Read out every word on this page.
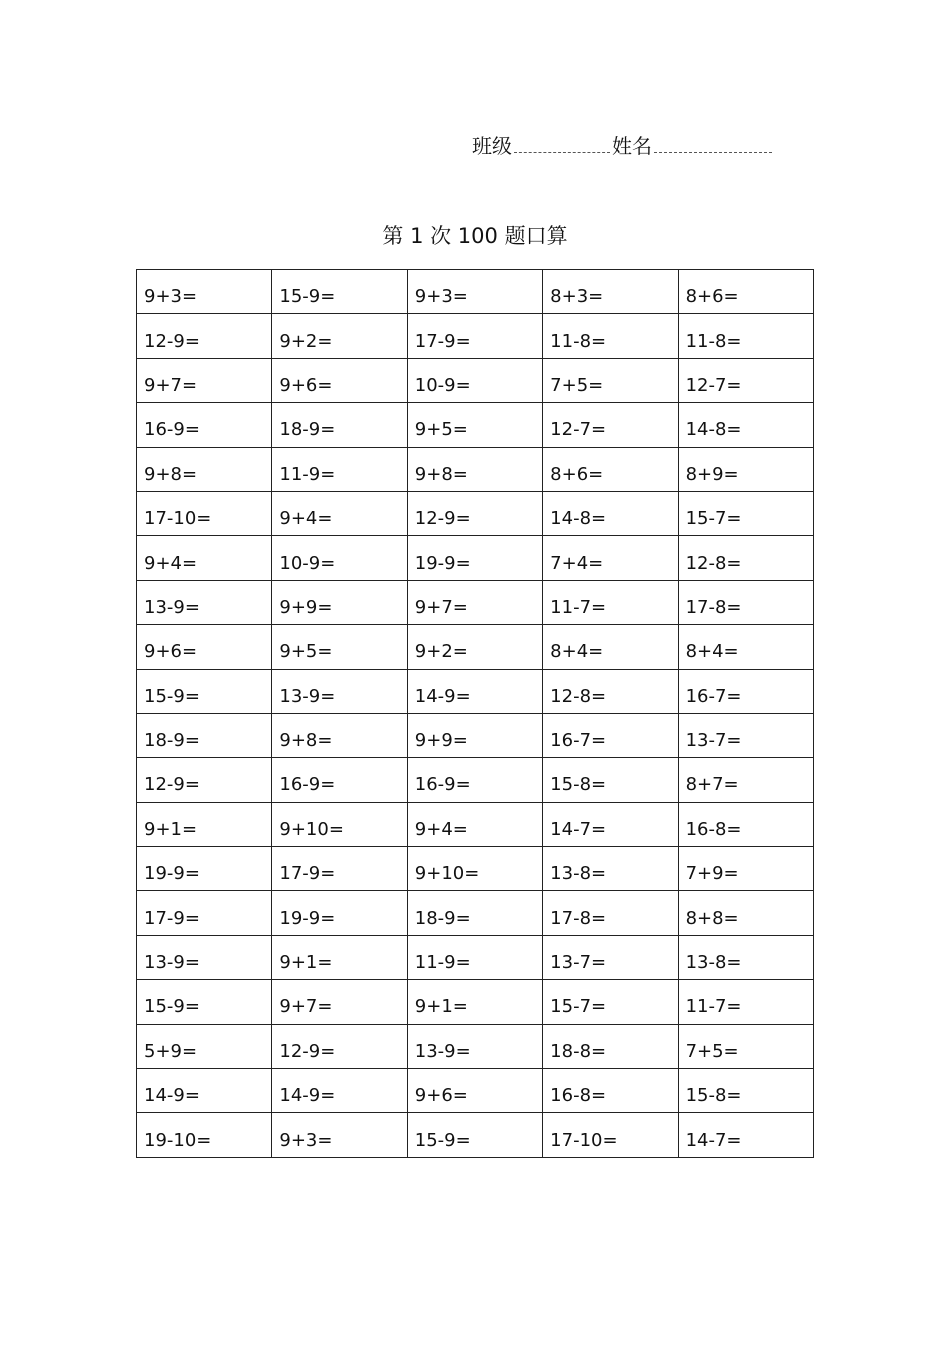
班级	姓名
第 1 次 100 题口算
9+3=	15-9=	9+3=	8+3=	8+6=
12-9=	9+2=	17-9=	11-8=	11-8=
9+7=	9+6=	10-9=	7+5=	12-7=
16-9=	18-9=	9+5=	12-7=	14-8=
9+8=	11-9=	9+8=	8+6=	8+9=
17-10=	9+4=	12-9=	14-8=	15-7=
9+4=	10-9=	19-9=	7+4=	12-8=
13-9=	9+9=	9+7=	11-7=	17-8=
9+6=	9+5=	9+2=	8+4=	8+4=
15-9=	13-9=	14-9=	12-8=	16-7=
18-9=	9+8=	9+9=	16-7=	13-7=
12-9=	16-9=	16-9=	15-8=	8+7=
9+1=	9+10=	9+4=	14-7=	16-8=
19-9=	17-9=	9+10=	13-8=	7+9=
17-9=	19-9=	18-9=	17-8=	8+8=
13-9=	9+1=	11-9=	13-7=	13-8=
15-9=	9+7=	9+1=	15-7=	11-7=
5+9=	12-9=	13-9=	18-8=	7+5=
14-9=	14-9=	9+6=	16-8=	15-8=
19-10=	9+3=	15-9=	17-10=	14-7=
